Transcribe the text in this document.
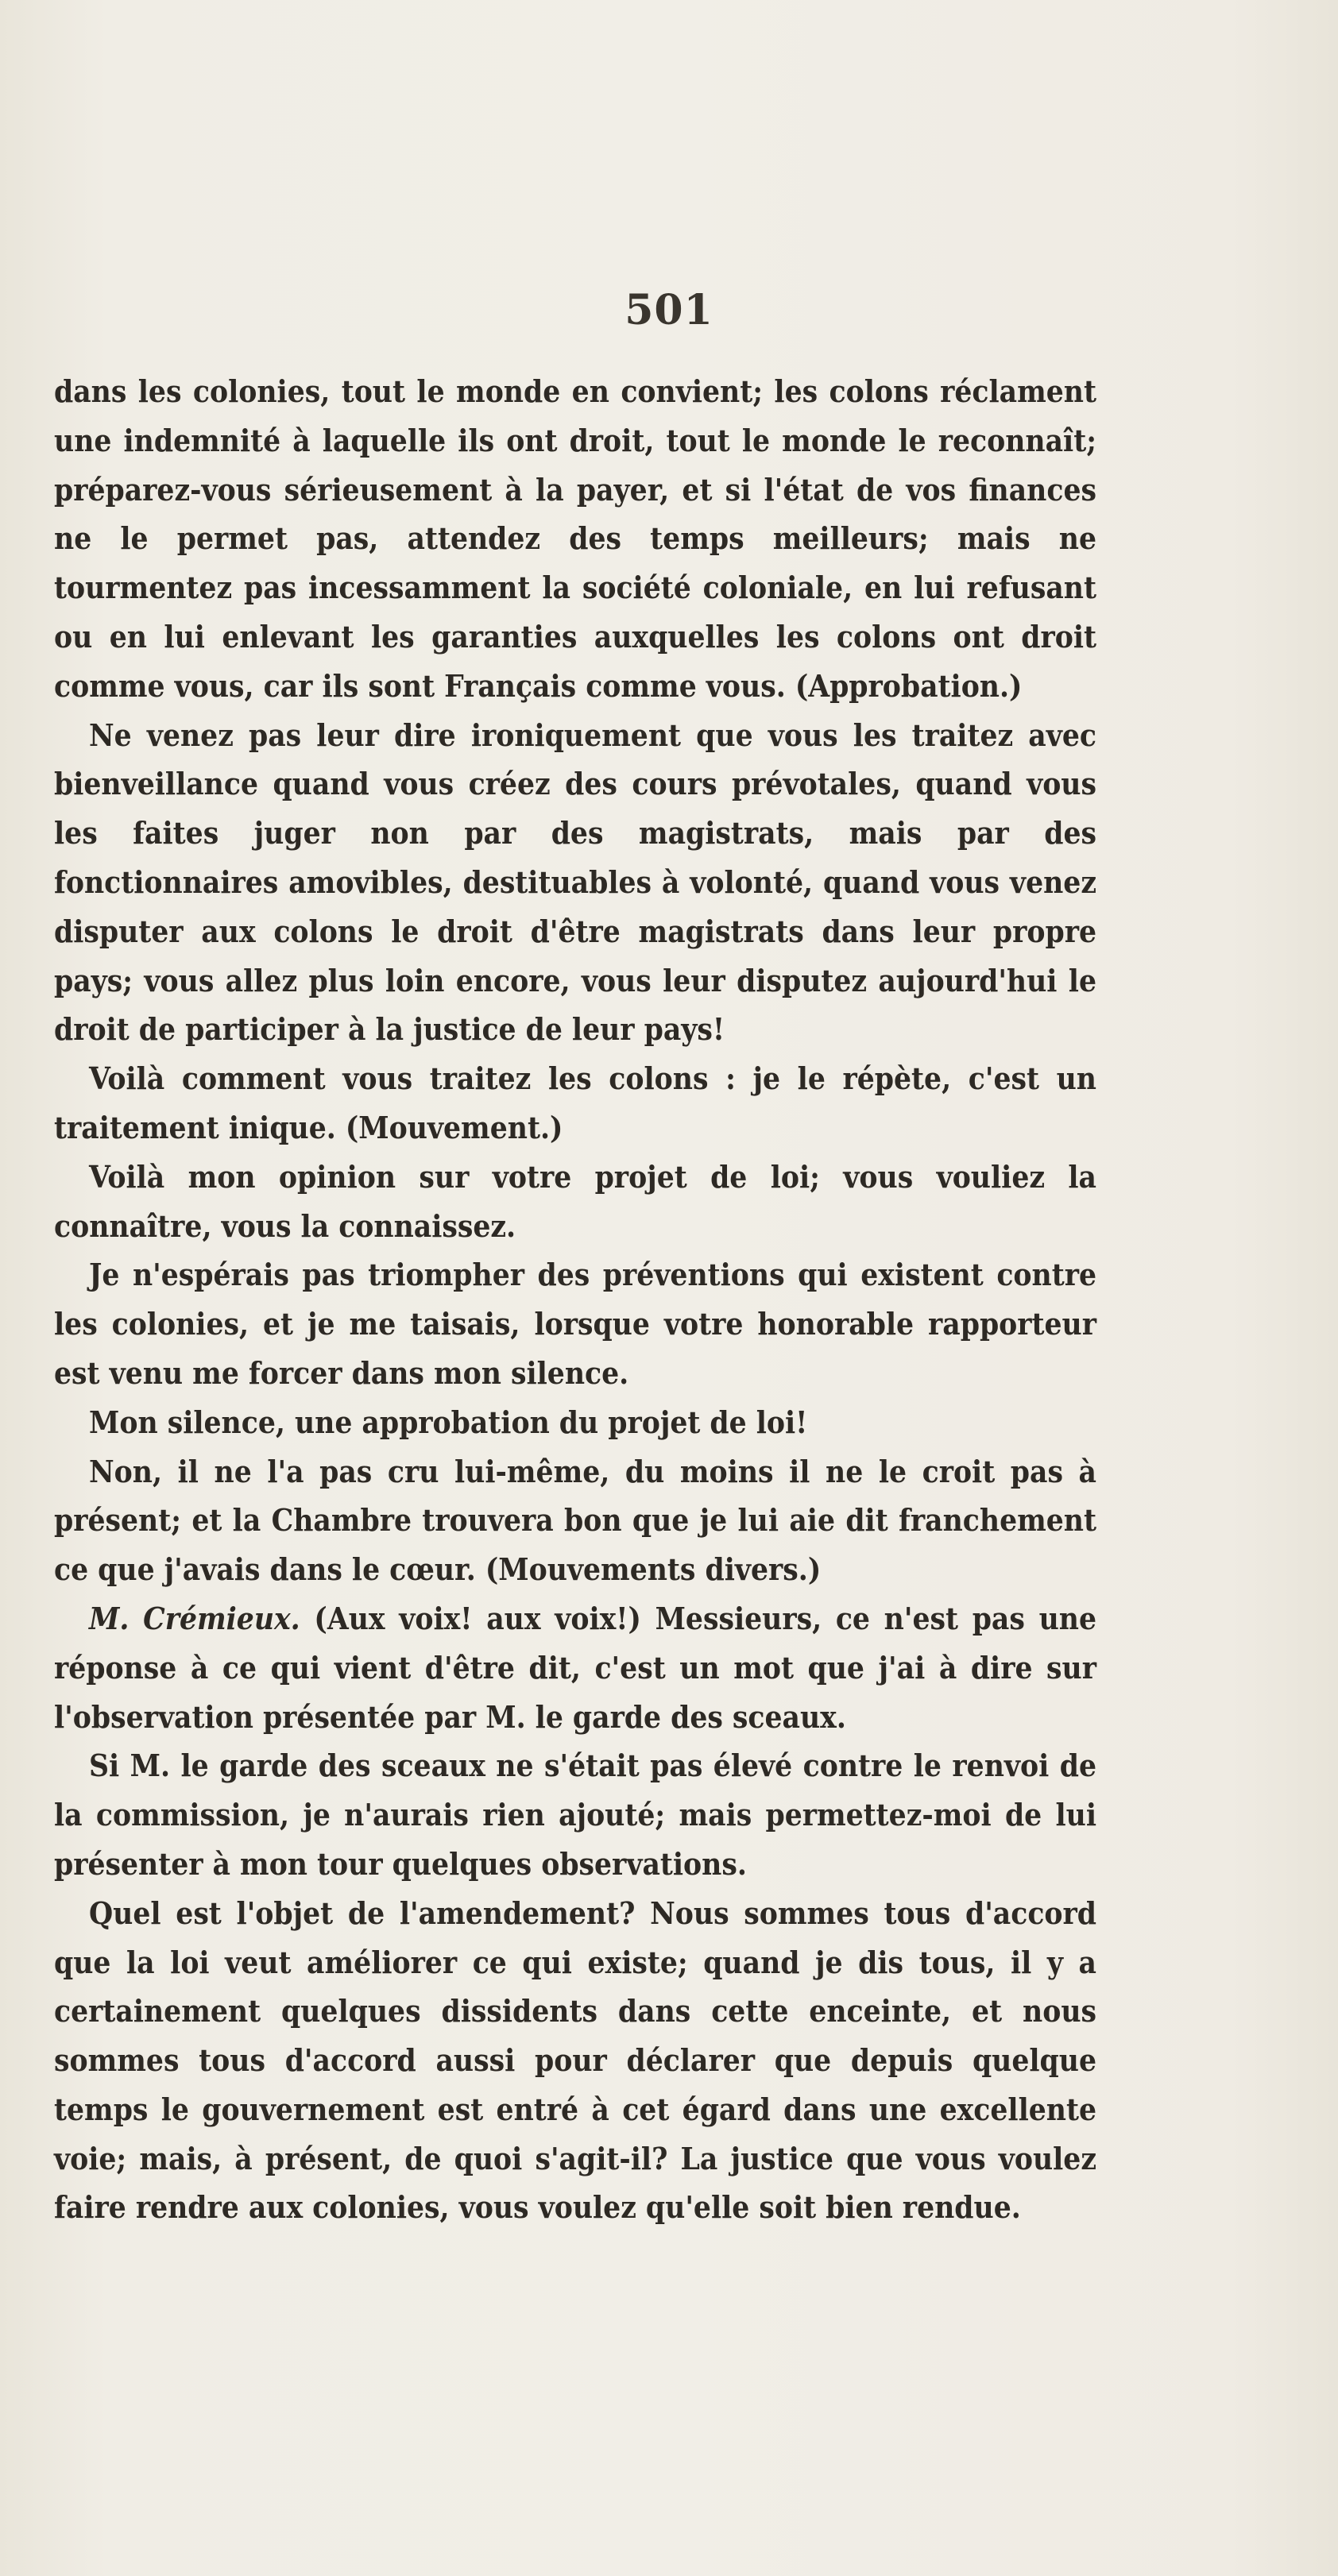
501

dans les colonies, tout le monde en convient; les colons réclament une indemnité à laquelle ils ont droit, tout le monde le reconnaît; préparez-vous sérieusement à la payer, et si l'état de vos finances ne le permet pas, attendez des temps meilleurs; mais ne tourmentez pas incessamment la société coloniale, en lui refusant ou en lui enlevant les garanties auxquelles les colons ont droit comme vous, car ils sont Français comme vous. (Approbation.)

Ne venez pas leur dire ironiquement que vous les traitez avec bienveillance quand vous créez des cours prévotales, quand vous les faites juger non par des magistrats, mais par des fonctionnaires amovibles, destituables à volonté, quand vous venez disputer aux colons le droit d'être magistrats dans leur propre pays; vous allez plus loin encore, vous leur disputez aujourd'hui le droit de participer à la justice de leur pays!

Voilà comment vous traitez les colons : je le répète, c'est un traitement inique. (Mouvement.)

Voilà mon opinion sur votre projet de loi; vous vouliez la connaître, vous la connaissez.

Je n'espérais pas triompher des préventions qui existent contre les colonies, et je me taisais, lorsque votre honorable rapporteur est venu me forcer dans mon silence.

Mon silence, une approbation du projet de loi!

Non, il ne l'a pas cru lui-même, du moins il ne le croit pas à présent; et la Chambre trouvera bon que je lui aie dit franchement ce que j'avais dans le cœur. (Mouvements divers.)

M. Crémieux. (Aux voix! aux voix!) Messieurs, ce n'est pas une réponse à ce qui vient d'être dit, c'est un mot que j'ai à dire sur l'observation présentée par M. le garde des sceaux.

Si M. le garde des sceaux ne s'était pas élevé contre le renvoi de la commission, je n'aurais rien ajouté; mais permettez-moi de lui présenter à mon tour quelques observations.

Quel est l'objet de l'amendement? Nous sommes tous d'accord que la loi veut améliorer ce qui existe; quand je dis tous, il y a certainement quelques dissidents dans cette enceinte, et nous sommes tous d'accord aussi pour déclarer que depuis quelque temps le gouvernement est entré à cet égard dans une excellente voie; mais, à présent, de quoi s'agit-il? La justice que vous voulez faire rendre aux colonies, vous voulez qu'elle soit bien rendue.
